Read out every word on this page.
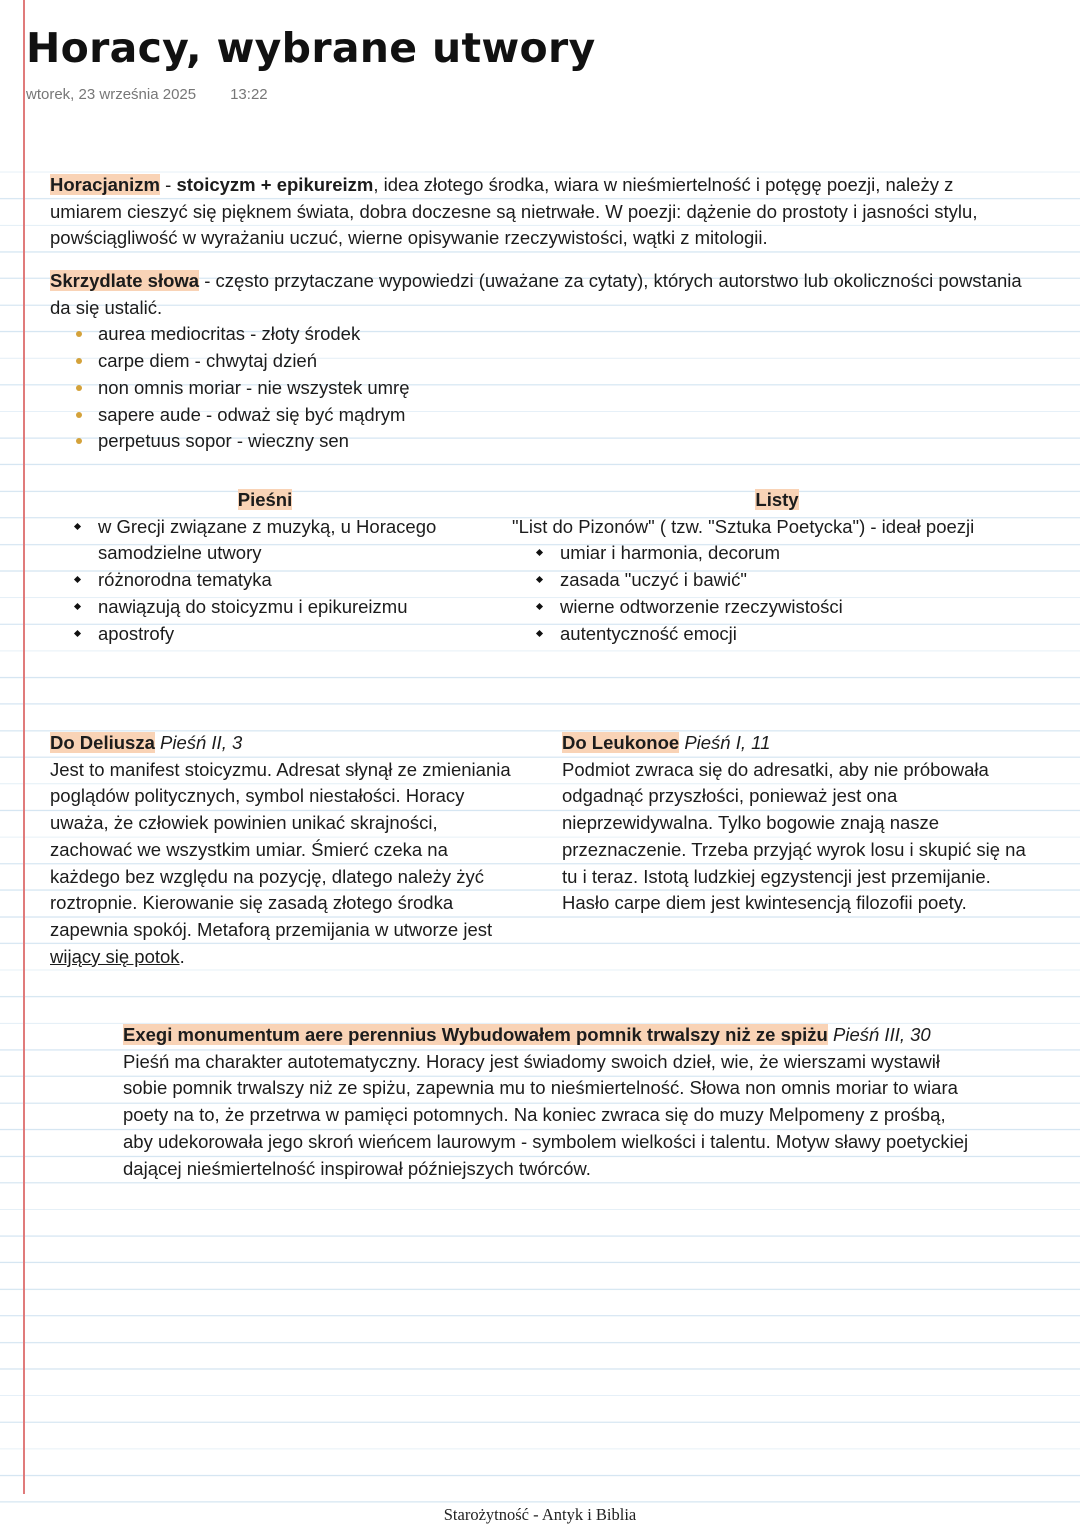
Horacy, wybrane utwory
wtorek, 23 września 2025 13:22
Horacjanizm - stoicyzm + epikureizm, idea złotego środka, wiara w nieśmiertelność i potęgę poezji, należy z umiarem cieszyć się pięknem świata, dobra doczesne są nietrwałe. W poezji: dążenie do prostoty i jasności stylu, powściągliwość w wyrażaniu uczuć, wierne opisywanie rzeczywistości, wątki z mitologii.
Skrzydlate słowa - często przytaczane wypowiedzi (uważane za cytaty), których autorstwo lub okoliczności powstania da się ustalić.
aurea mediocritas - złoty środek
carpe diem - chwytaj dzień
non omnis moriar - nie wszystek umrę
sapere aude - odważ się być mądrym
perpetuus sopor - wieczny sen
Pieśni
w Grecji związane z muzyką, u Horacego samodzielne utwory
różnorodna tematyka
nawiązują do stoicyzmu i epikureizmu
apostrofy
Listy
"List do Pizonów" ( tzw. "Sztuka Poetycka") - ideał poezji
umiar i harmonia, decorum
zasada "uczyć i bawić"
wierne odtworzenie rzeczywistości
autentyczność emocji
Do Deliusza Pieśń II, 3
Jest to manifest stoicyzmu. Adresat słynął ze zmieniania poglądów politycznych, symbol niestałości. Horacy uważa, że człowiek powinien unikać skrajności, zachować we wszystkim umiar. Śmierć czeka na każdego bez względu na pozycję, dlatego należy żyć roztropnie. Kierowanie się zasadą złotego środka zapewnia spokój. Metaforą przemijania w utworze jest wijący się potok.
Do Leukonoe Pieśń I, 11
Podmiot zwraca się do adresatki, aby nie próbowała odgadnąć przyszłości, ponieważ jest ona nieprzewidywalna. Tylko bogowie znają nasze przeznaczenie. Trzeba przyjąć wyrok losu i skupić się na tu i teraz. Istotą ludzkiej egzystencji jest przemijanie. Hasło carpe diem jest kwintesencją filozofii poety.
Exegi monumentum aere perennius Wybudowałem pomnik trwalszy niż ze spiżu Pieśń III, 30
Pieśń ma charakter autotematyczny. Horacy jest świadomy swoich dzieł, wie, że wierszami wystawił sobie pomnik trwalszy niż ze spiżu, zapewnia mu to nieśmiertelność. Słowa non omnis moriar to wiara poety na to, że przetrwa w pamięci potomnych. Na koniec zwraca się do muzy Melpomeny z prośbą, aby udekorowała jego skroń wieńcem laurowym - symbolem wielkości i talentu. Motyw sławy poetyckiej dającej nieśmiertelność inspirował późniejszych twórców.
Starożytność - Antyk i Biblia
